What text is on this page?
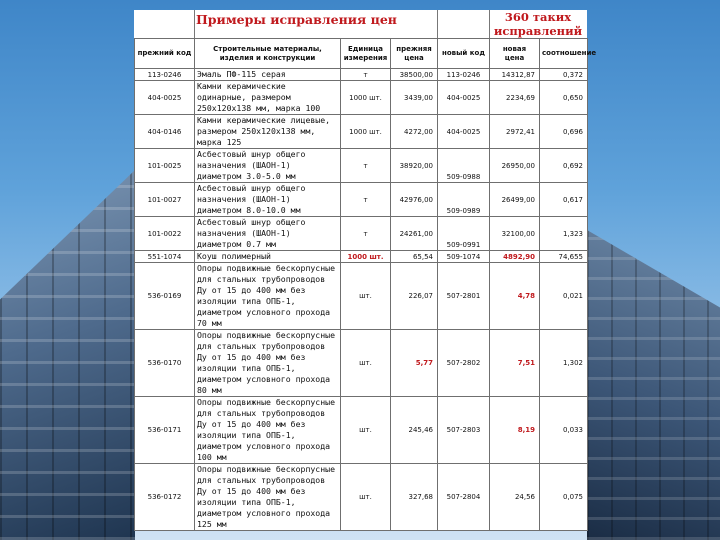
Примеры исправления цен	360 таких исправлений
прежний код	Строительные материалы, изделия и конструкции	Единица измерения	прежняя цена	новый код	новая цена	соотношение
113-0246	Эмаль ПФ-115 серая	т	38500,00	113-0246	14312,87	0,372
404-0025	Камни керамические одинарные, размером 250х120х138 мм, марка 100	1000 шт.	3439,00	404-0025	2234,69	0,650
404-0146	Камни керамические лицевые, размером 250х120х138 мм, марка 125	1000 шт.	4272,00	404-0025	2972,41	0,696
101-0025	Асбестовый шнур общего назначения (ШАОН-1) диаметром 3.0-5.0 мм	т	38920,00	509-0988	26950,00	0,692
101-0027	Асбестовый шнур общего назначения (ШАОН-1) диаметром 8.0-10.0 мм	т	42976,00	509-0989	26499,00	0,617
101-0022	Асбестовый шнур общего назначения (ШАОН-1) диаметром 0.7 мм	т	24261,00	509-0991	32100,00	1,323
551-1074	Коуш полимерный	1000 шт.	65,54	509-1074	4892,90	74,655
536-0169	Опоры подвижные бескорпусные для стальных трубопроводов Ду от 15 до 400 мм без изоляции типа ОПБ-1, диаметром условного прохода 70 мм	шт.	226,07	507-2801	4,78	0,021
536-0170	Опоры подвижные бескорпусные для стальных трубопроводов Ду от 15 до 400 мм без изоляции типа ОПБ-1, диаметром условного прохода 80 мм	шт.	5,77	507-2802	7,51	1,302
536-0171	Опоры подвижные бескорпусные для стальных трубопроводов Ду от 15 до 400 мм без изоляции типа ОПБ-1, диаметром условного прохода 100 мм	шт.	245,46	507-2803	8,19	0,033
536-0172	Опоры подвижные бескорпусные для стальных трубопроводов Ду от 15 до 400 мм без изоляции типа ОПБ-1, диаметром условного прохода 125 мм	шт.	327,68	507-2804	24,56	0,075
